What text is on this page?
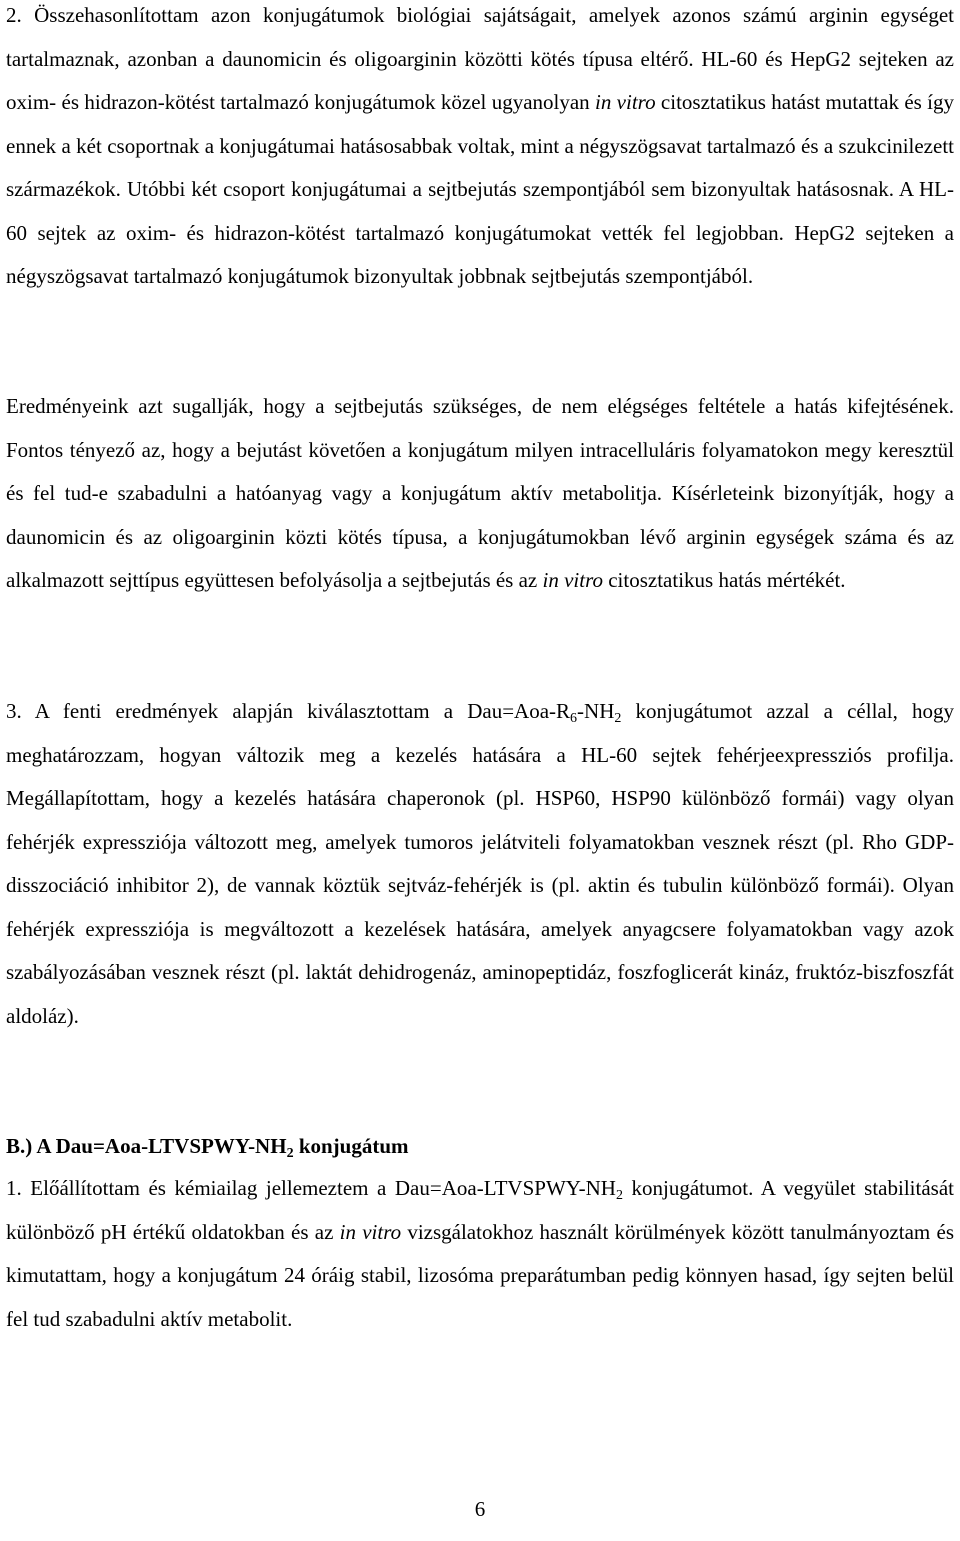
2. Összehasonlítottam azon konjugátumok biológiai sajátságait, amelyek azonos számú arginin egységet tartalmaznak, azonban a daunomicin és oligoarginin közötti kötés típusa eltérő. HL-60 és HepG2 sejteken az oxim- és hidrazon-kötést tartalmazó konjugátumok közel ugyanolyan in vitro citosztatikus hatást mutattak és így ennek a két csoportnak a konjugátumai hatásosabbak voltak, mint a négyszögsavat tartalmazó és a szukcinilezett származékok. Utóbbi két csoport konjugátumai a sejtbejutás szempontjából sem bizonyultak hatásosnak. A HL-60 sejtek az oxim- és hidrazon-kötést tartalmazó konjugátumokat vették fel legjobban. HepG2 sejteken a négyszögsavat tartalmazó konjugátumok bizonyultak jobbnak sejtbejutás szempontjából.

Eredményeink azt sugallják, hogy a sejtbejutás szükséges, de nem elégséges feltétele a hatás kifejtésének. Fontos tényező az, hogy a bejutást követően a konjugátum milyen intracelluláris folyamatokon megy keresztül és fel tud-e szabadulni a hatóanyag vagy a konjugátum aktív metabolitja. Kísérleteink bizonyítják, hogy a daunomicin és az oligoarginin közti kötés típusa, a konjugátumokban lévő arginin egységek száma és az alkalmazott sejttípus együttesen befolyásolja a sejtbejutás és az in vitro citosztatikus hatás mértékét.

3. A fenti eredmények alapján kiválasztottam a $Dau=Aoa-R_6-NH_2$ konjugátumot azzal a céllal, hogy meghatározzam, hogyan változik meg a kezelés hatására a HL-60 sejtek fehérjeexpressziós profilja. Megállapítottam, hogy a kezelés hatására chaperonok (pl. HSP60, HSP90 különböző formái) vagy olyan fehérjék expressziója változott meg, amelyek tumoros jelátviteli folyamatokban vesznek részt (pl. Rho GDP-disszociáció inhibitor 2), de vannak köztük sejtváz-fehérjék is (pl. aktin és tubulin különböző formái). Olyan fehérjék expressziója is megváltozott a kezelések hatására, amelyek anyagcsere folyamatokban vagy azok szabályozásában vesznek részt (pl. laktát dehidrogenáz, aminopeptidáz, foszfoglicerát kináz, fruktóz-biszfoszfát aldoláz).

B.) A $Dau=Aoa-LTVSPWY-NH_2$ konjugátum

1. Előállítottam és kémiailag jellemeztem a $Dau=Aoa-LTVSPWY-NH_2$ konjugátumot. A vegyület stabilitását különböző pH értékű oldatokban és az in vitro vizsgálatokhoz használt körülmények között tanulmányoztam és kimutattam, hogy a konjugátum 24 óráig stabil, lizosóma preparátumban pedig könnyen hasad, így sejten belül fel tud szabadulni aktív metabolit.

6
